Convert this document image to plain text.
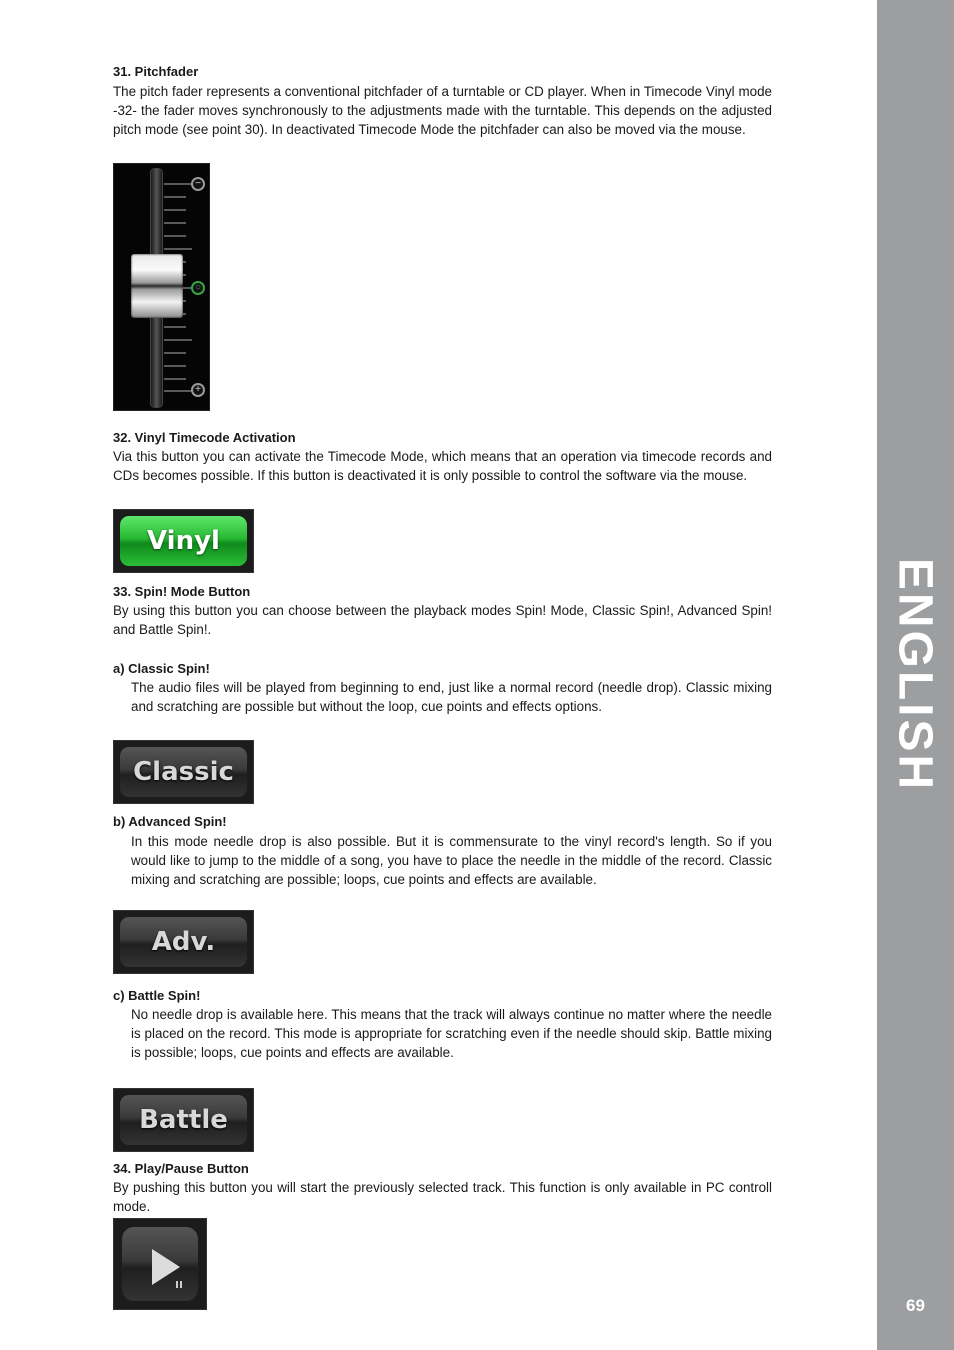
ENGLISH
69
31. Pitchfader

The pitch fader represents a conventional pitchfader of a turntable or CD player. When in Timecode Vinyl mode -32- the fader moves synchronously to the adjustments made with the turntable. This depends on the adjusted pitch mode (see point 30). In deactivated Timecode Mode the pitchfader can also be moved via the mouse.

−
○
+
32. Vinyl Timecode Activation

Via this button you can activate the Timecode Mode, which means that an operation via timecode records and CDs becomes possible. If this button is deactivated it is only possible to control the software via the mouse.

Vinyl
33. Spin! Mode Button

By using this button you can choose between the playback modes Spin! Mode, Classic Spin!, Advanced Spin! and Battle Spin!.

a) Classic Spin!

The audio files will be played from beginning to end, just like a normal record (needle drop). Classic mixing and scratching are possible but without the loop, cue points and effects options.

Classic
b) Advanced Spin!

In this mode needle drop is also possible. But it is commensurate to the vinyl record's length. So if you would like to jump to the middle of a song, you have to place the needle in the middle of the record. Classic mixing and scratching are possible; loops, cue points and effects are available.

Adv.
c) Battle Spin!

No needle drop is available here. This means that the track will always continue no matter where the needle is placed on the record. This mode is appropriate for scratching even if the needle should skip. Battle mixing is possible; loops, cue points and effects are available.

Battle
34. Play/Pause Button

By pushing this button you will start the previously selected track. This function is only available in PC controll mode.
